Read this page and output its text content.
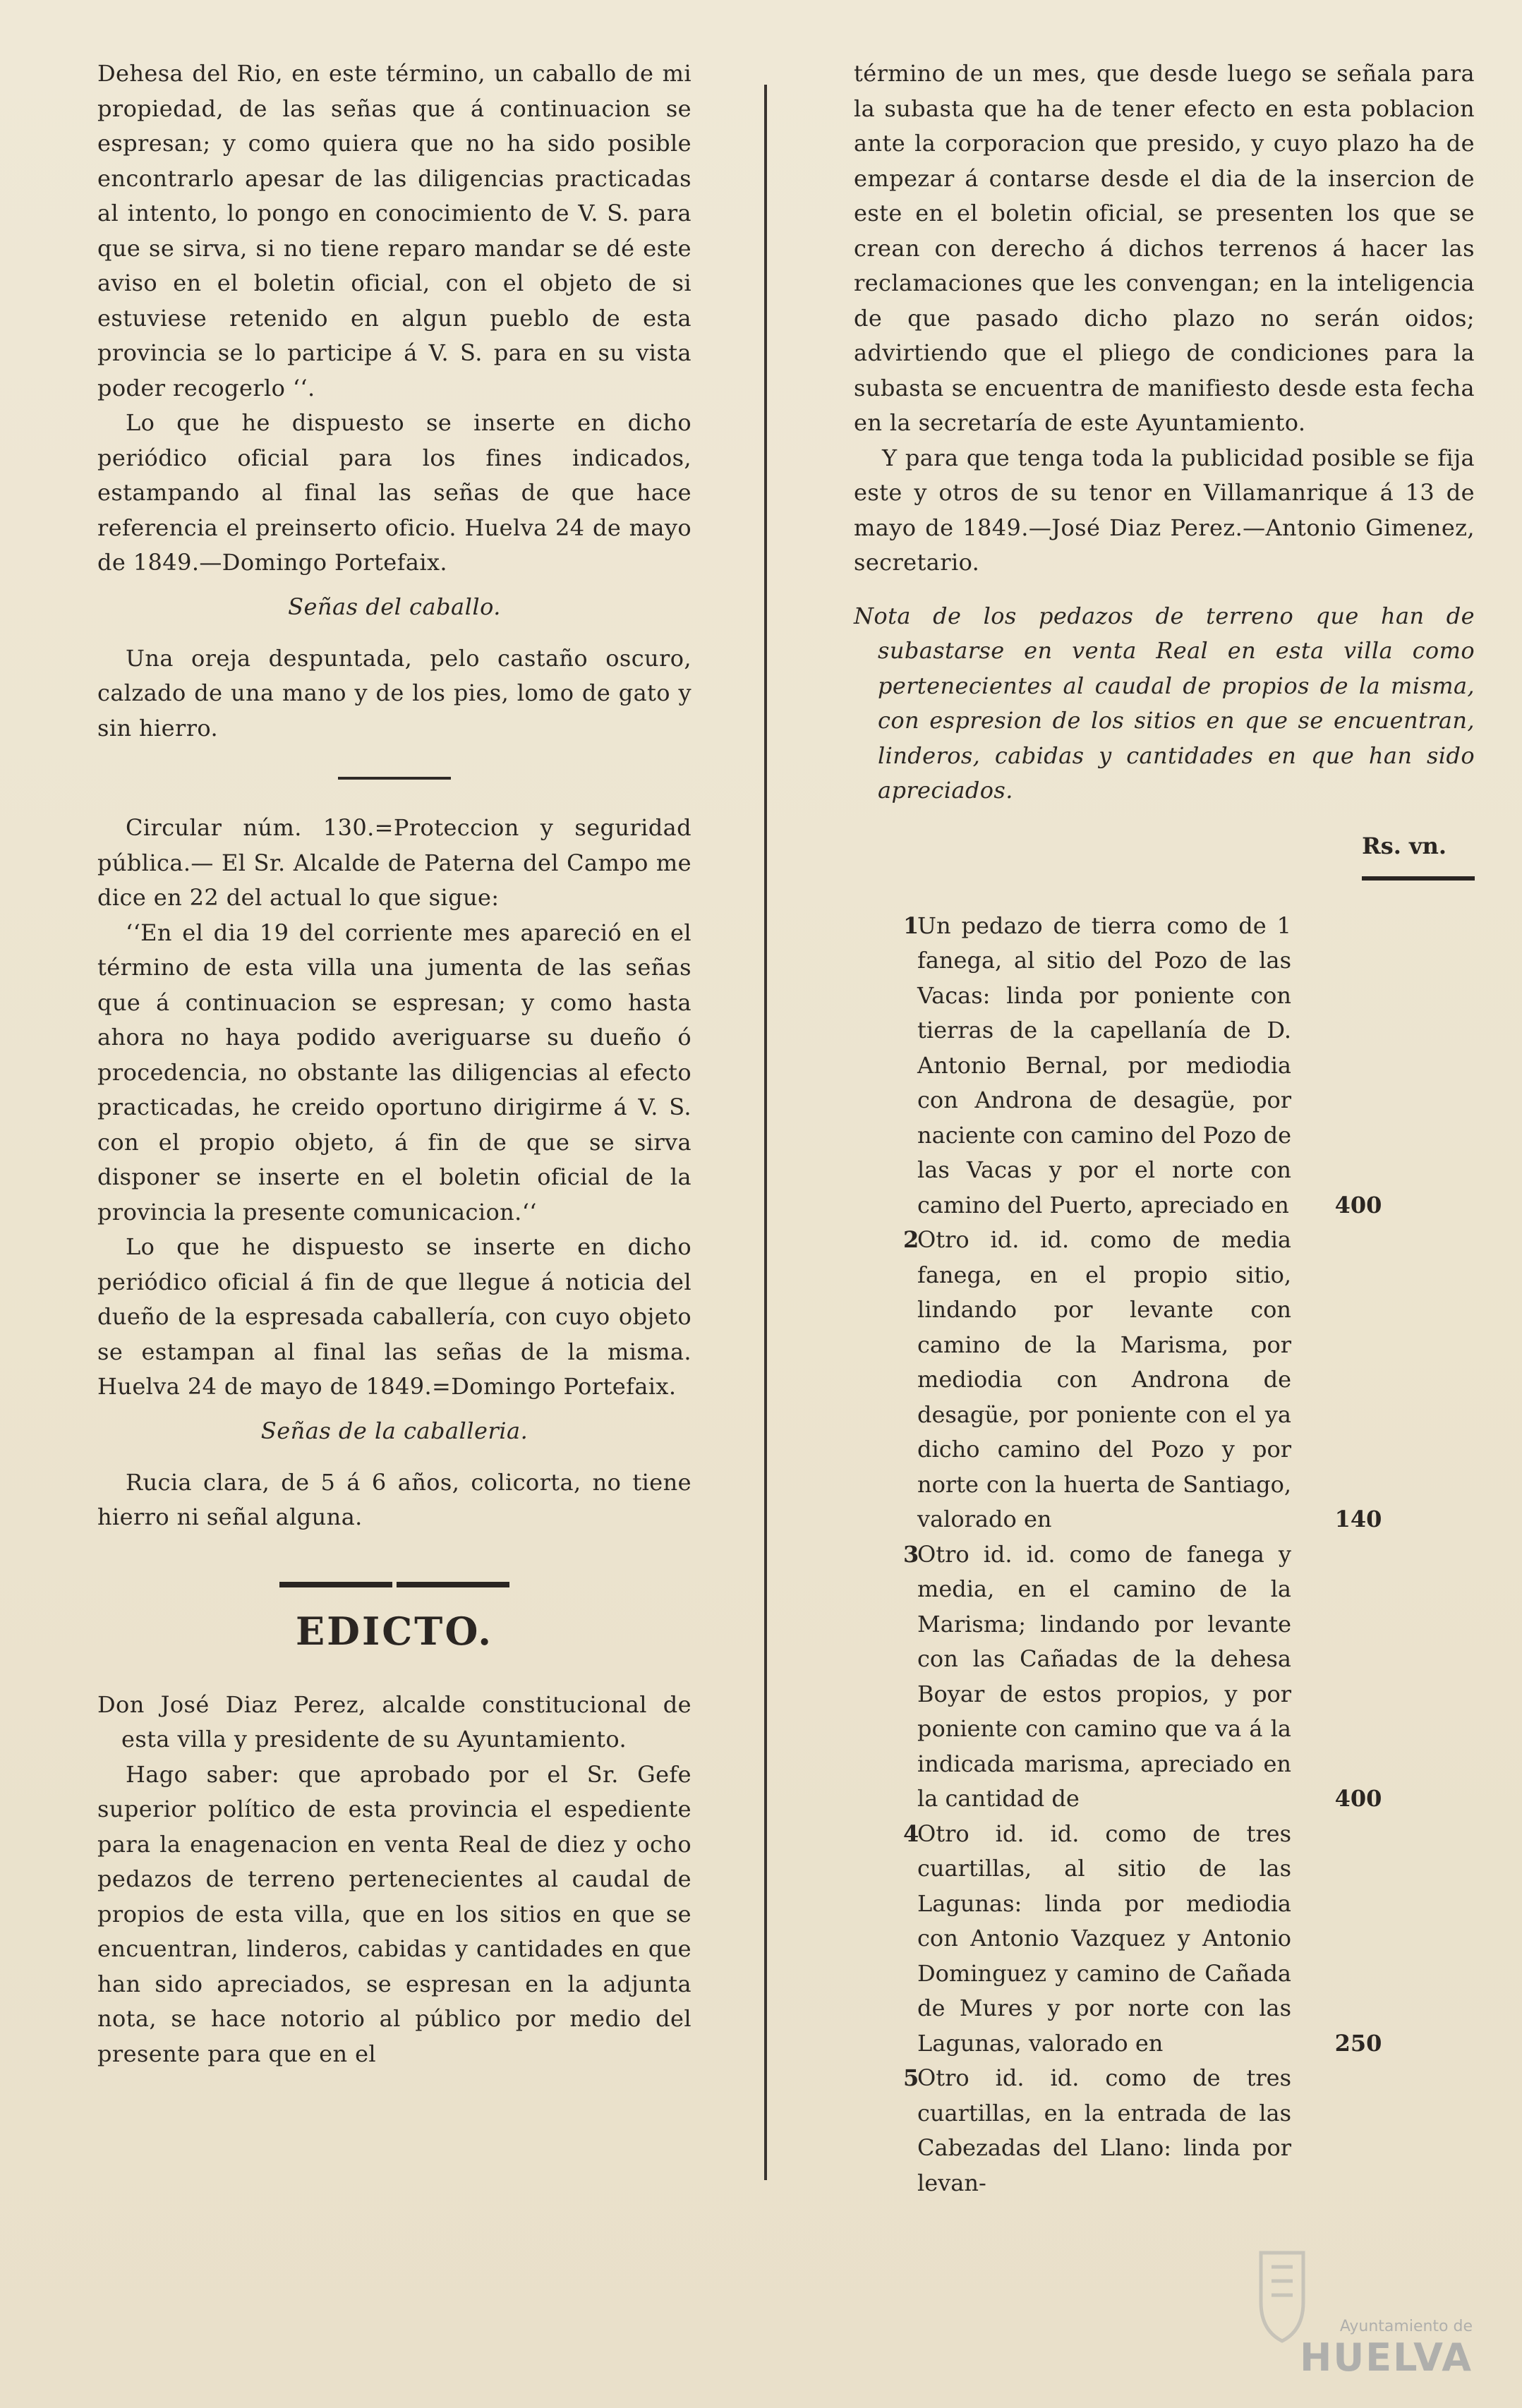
Dehesa del Rio, en este término, un caballo de mi propiedad, de las señas que á continuacion se espresan; y como quiera que no ha sido posible encontrarlo apesar de las diligencias practicadas al intento, lo pongo en conocimiento de V. S. para que se sirva, si no tiene reparo mandar se dé este aviso en el boletin oficial, con el objeto de si estuviese retenido en algun pueblo de esta provincia se lo participe á V. S. para en su vista poder recogerlo ‘‘.

Lo que he dispuesto se inserte en dicho periódico oficial para los fines indicados, estampando al final las señas de que hace referencia el preinserto oficio. Huelva 24 de mayo de 1849.—Domingo Portefaix.

Señas del caballo.

Una oreja despuntada, pelo castaño oscuro, calzado de una mano y de los pies, lomo de gato y sin hierro.

Circular núm. 130.=Proteccion y seguridad pública.— El Sr. Alcalde de Paterna del Campo me dice en 22 del actual lo que sigue:

‘‘En el dia 19 del corriente mes apareció en el término de esta villa una jumenta de las señas que á continuacion se espresan; y como hasta ahora no haya podido averiguarse su dueño ó procedencia, no obstante las diligencias al efecto practicadas, he creido oportuno dirigirme á V. S. con el propio objeto, á fin de que se sirva disponer se inserte en el boletin oficial de la provincia la presente comunicacion.‘‘

Lo que he dispuesto se inserte en dicho periódico oficial á fin de que llegue á noticia del dueño de la espresada caballería, con cuyo objeto se estampan al final las señas de la misma. Huelva 24 de mayo de 1849.=Domingo Portefaix.

Señas de la caballeria.

Rucia clara, de 5 á 6 años, colicorta, no tiene hierro ni señal alguna.

EDICTO.

Don José Diaz Perez, alcalde constitucional de esta villa y presidente de su Ayuntamiento.

Hago saber: que aprobado por el Sr. Gefe superior político de esta provincia el espediente para la enagenacion en venta Real de diez y ocho pedazos de terreno pertenecientes al caudal de propios de esta villa, que en los sitios en que se encuentran, linderos, cabidas y cantidades en que han sido apreciados, se espresan en la adjunta nota, se hace notorio al público por medio del presente para que en el

término de un mes, que desde luego se señala para la subasta que ha de tener efecto en esta poblacion ante la corporacion que presido, y cuyo plazo ha de empezar á contarse desde el dia de la insercion de este en el boletin oficial, se presenten los que se crean con derecho á dichos terrenos á hacer las reclamaciones que les convengan; en la inteligencia de que pasado dicho plazo no serán oidos; advirtiendo que el pliego de condiciones para la subasta se encuentra de manifiesto desde esta fecha en la secretaría de este Ayuntamiento.

Y para que tenga toda la publicidad posible se fija este y otros de su tenor en Villamanrique á 13 de mayo de 1849.—José Diaz Perez.—Antonio Gimenez, secretario.

Nota de los pedazos de terreno que han de subastarse en venta Real en esta villa como pertenecientes al caudal de propios de la misma, con espresion de los sitios en que se encuentran, linderos, cabidas y cantidades en que han sido apreciados.

Rs. vn.
1
Un pedazo de tierra como de 1 fanega, al sitio del Pozo de las Vacas: linda por poniente con tierras de la capellanía de D. Antonio Bernal, por mediodia con Androna de desagüe, por naciente con camino del Pozo de las Vacas y por el norte con camino del Puerto, apreciado en	400
2
Otro id. id. como de media fanega, en el propio sitio, lindando por levante con camino de la Marisma, por mediodia con Androna de desagüe, por poniente con el ya dicho camino del Pozo y por norte con la huerta de Santiago, valorado en	140
3
Otro id. id. como de fanega y media, en el camino de la Marisma; lindando por levante con las Cañadas de la dehesa Boyar de estos propios, y por poniente con camino que va á la indicada marisma, apreciado en la cantidad de	400
4
Otro id. id. como de tres cuartillas, al sitio de las Lagunas: linda por mediodia con Antonio Vazquez y Antonio Dominguez y camino de Cañada de Mures y por norte con las Lagunas, valorado en	250
5
Otro id. id. como de tres cuartillas, en la entrada de las Cabezadas del Llano: linda por levan-
Ayuntamiento de
HUELVA
